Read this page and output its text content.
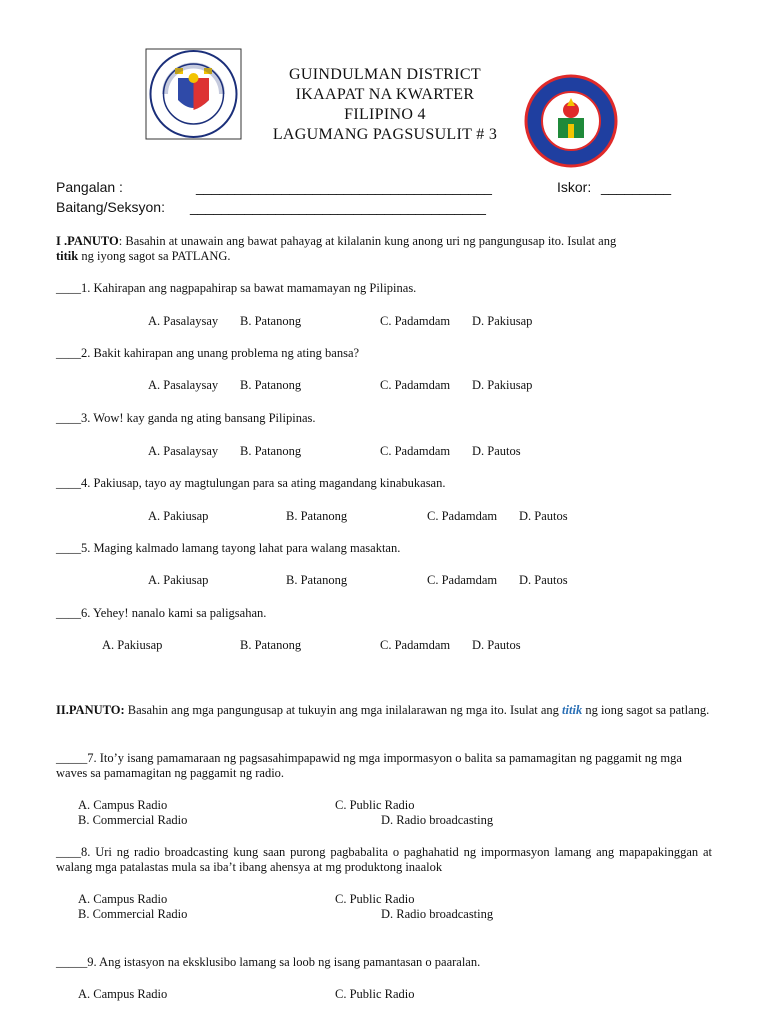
GUINDULMAN DISTRICT
IKAAPAT NA KWARTER
FILIPINO 4
LAGUMANG PAGSUSULIT # 3
Pangalan :	______________________________________	Iskor: _________
Baitang/Seksyon: ______________________________________
I .PANUTO: Basahin at unawain ang bawat pahayag at kilalanin kung anong uri ng pangungusap ito. Isulat ang
titik ng iyong sagot sa PATLANG.
____1. Kahirapan ang nagpapahirap sa bawat mamamayan ng Pilipinas.
A. Pasalaysay B. Patanong	C. Padamdam D. Pakiusap
____2. Bakit kahirapan ang unang problema ng ating bansa?
A. Pasalaysay B. Patanong	C. Padamdam D. Pakiusap
____3. Wow! kay ganda ng ating bansang Pilipinas.
A. Pasalaysay B. Patanong	C. Padamdam D. Pautos
____4. Pakiusap, tayo ay magtulungan para sa ating magandang kinabukasan.
A. Pakiusap	B. Patanong	C. Padamdam D. Pautos
____5. Maging kalmado lamang tayong lahat para walang masaktan.
A. Pakiusap	B. Patanong	C. Padamdam D. Pautos
____6. Yehey! nanalo kami sa paligsahan.
A. Pakiusap	B. Patanong	C. Padamdam D. Pautos
II.PANUTO: Basahin ang mga pangungusap at tukuyin ang mga inilalarawan ng mga ito. Isulat ang titik ng iong sagot sa patlang.
_____7. Ito’y isang pamamaraan ng pagsasahimpapawid ng mga impormasyon o balita sa pamamagitan ng paggamit ng mga waves sa pamamagitan ng paggamit ng radio.
A. Campus Radio	C. Public Radio
B. Commercial Radio	D. Radio broadcasting
____8. Uri ng radio broadcasting kung saan purong pagbabalita o paghahatid ng impormasyon lamang ang mapapakinggan at walang mga patalastas mula sa iba’t ibang ahensya at mg produktong inaalok
A. Campus Radio	C. Public Radio
B. Commercial Radio	D. Radio broadcasting
_____9. Ang istasyon na eksklusibo lamang sa loob ng isang pamantasan o paaralan.
A. Campus Radio	C. Public Radio
